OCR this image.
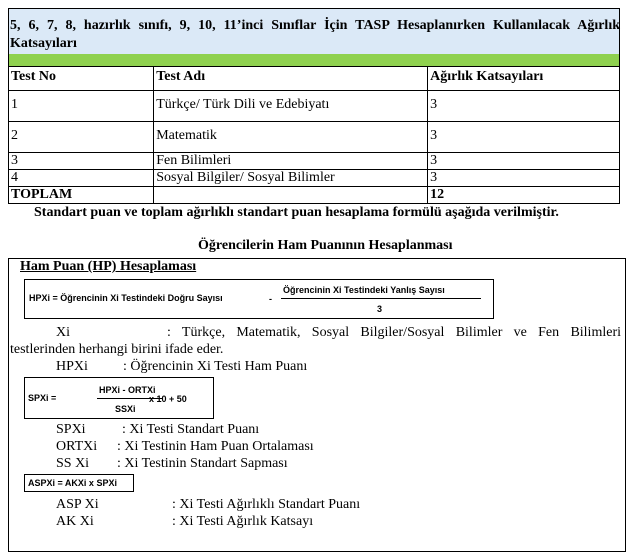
5, 6, 7, 8, hazırlık sınıfı, 9, 10, 11’inci Sınıflar İçin TASP Hesaplanırken Kullanılacak Ağırlık
Katsayıları
Test No	Test Adı	Ağırlık Katsayıları
1	Türkçe/ Türk Dili ve Edebiyatı	3
2	Matematik	3
3	Fen Bilimleri	3
4	Sosyal Bilgiler/ Sosyal Bilimler	3
TOPLAM		12
Standart puan ve toplam ağırlıklı standart puan hesaplama formülü aşağıda verilmiştir.
Öğrencilerin Ham Puanının Hesaplanması
Ham Puan (HP) Hesaplaması
HPXi = Öğrencinin Xi Testindeki Doğru Sayısı	-
Öğrencinin Xi Testindeki Yanlış Sayısı
3
Xi	: Türkçe, Matematik, Sosyal Bilgiler/Sosyal Bilimler ve Fen Bilimleri
testlerinden herhangi birini ifade eder.
HPXi	: Öğrencinin Xi Testi Ham Puanı
SPXi =
HPXi - ORTXi
SSXi
x 10 + 50
SPXi	: Xi Testi Standart Puanı
ORTXi : Xi Testinin Ham Puan Ortalaması
SS Xi : Xi Testinin Standart Sapması
ASPXi = AKXi x SPXi
ASP Xi	: Xi Testi Ağırlıklı Standart Puanı
AK Xi	: Xi Testi Ağırlık Katsayı
